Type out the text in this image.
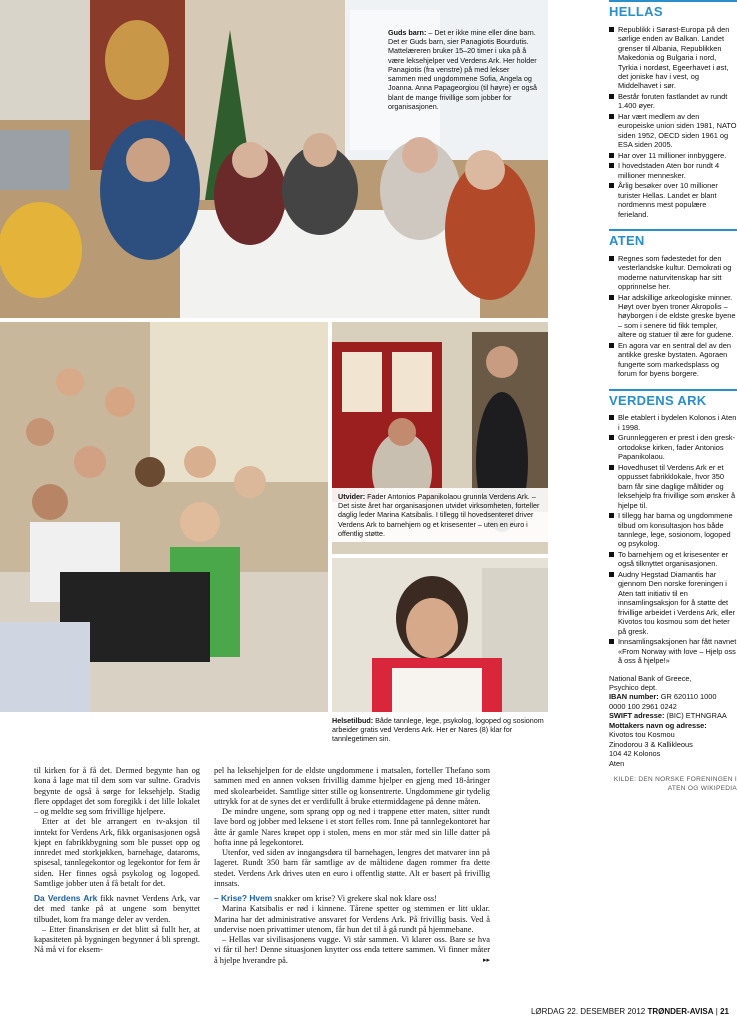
Guds barn: – Det er ikke mine eller dine barn. Det er Guds barn, sier Panagiotis Bourdutis. Mattelæreren bruker 15–20 timer i uka på å være leksehjelper ved Verdens Ark. Her holder Panagiotis (fra venstre) på med lekser sammen med ungdommene Sofia, Angela og Joanna. Anna Papageorgiou (til høyre) er også blant de mange frivillige som jobber for organisasjonen.
Utvider: Fader Antonios Papanikolaou grunnla Verdens Ark. – Det siste året har organisasjonen utvidet virksomheten, forteller daglig leder Marina Katsibalis. I tillegg til hovedsenteret driver Verdens Ark to barnehjem og et krisesenter – uten en euro i offentlig støtte.
Helsetilbud: Både tannlege, lege, psykolog, logoped og sosionom arbeider gratis ved Verdens Ark. Her er Nares (8) klar for tannlegetimen sin.

til kirken for å få det. Dermed begynte han og kona å lage mat til dem som var sultne. Gradvis begynte de også å sørge for leksehjelp. Stadig flere oppdaget det som foregikk i det lille lokalet – og meldte seg som frivillige hjelpere.

Etter at det ble arrangert en tv-aksjon til inntekt for Verdens Ark, fikk organisasjonen også kjøpt en fabrikkbygning som ble pusset opp og innredet med storkjøkken, barnehage, dataroms, spisesal, tannlegekontor og legekontor for fem år siden. Her finnes også psykolog og logoped. Samtlige jobber uten å få betalt for det.

Da Verdens Ark fikk navnet Verdens Ark, var det med tanke på at ungene som benyttet tilbudet, kom fra mange deler av verden.

– Etter finanskrisen er det blitt så fullt her, at kapasiteten på bygningen begynner å bli sprengt. Nå må vi for eksem-

pel ha leksehjelpen for de eldste ungdommene i matsalen, forteller Thefano som sammen med en annen voksen frivillig damme hjelper en gjeng med 18-åringer med skolearbeidet. Samtlige sitter stille og konsentrerte. Ungdommene gir tydelig uttrykk for at de synes det er verdifullt å bruke ettermiddagene på denne måten.

De mindre ungene, som sprang opp og ned i trappene etter maten, sitter rundt lave bord og jobber med leksene i et stort felles rom. Inne på tannlegekontoret har åtte år gamle Nares krøpet opp i stolen, mens en mor står med sin lille datter på hofta inne på legekontoret.

Utenfor, ved siden av inngangsdøra til barnehagen, lengres det matvarer inn på lageret. Rundt 350 barn får samtlige av de måltidene dagen rommer fra dette stedet. Verdens Ark drives uten en euro i offentlig støtte. Alt er basert på frivillig innsats.

– Krise? Hvem snakker om krise? Vi grekere skal nok klare oss!

Marina Katsibalis er rød i kinnene. Tårene spetter og stemmen er litt uklar. Marina har det administrative ansvaret for Verdens Ark. På frivillig basis. Ved å undervise noen privattimer utenom, får hun det til å gå rundt på hjemmebane.

– Hellas var sivilisasjonens vugge. Vi står sammen. Vi klarer oss. Bare se hva vi får til her! Denne situasjonen knytter oss enda tettere sammen. Vi finner måter å hjelpe hverandre på.	▸▸

HELLAS
Republikk i Sørøst-Europa på den sørlige enden av Balkan. Landet grenser til Albania, Republikken Makedonia og Bulgaria i nord, Tyrkia i nordøst, Egeerhavet i øst, det joniske hav i vest, og Middelhavet i sør.
Består foruten fastlandet av rundt 1.400 øyer.
Har vært medlem av den europeiske union siden 1981, NATO siden 1952, OECD siden 1961 og ESA siden 2005.
Har over 11 millioner innbyggere.
I hovedstaden Aten bor rundt 4 millioner mennesker.
Årlig besøker over 10 millioner turister Hellas. Landet er blant nordmenns mest populære ferieland.
ATEN
Regnes som fødestedet for den vesterlandske kultur. Demokrati og moderne naturvitenskap har sitt opprinnelse her.
Har adskillige arkeologiske minner. Høyt over byen troner Akropolis – høyborgen i de eldste greske byene – som i senere tid fikk templer, altere og statuer til ære for gudene.
En agora var en sentral del av den antikke greske bystaten. Agoraen fungerte som markedsplass og forum for byens borgere.
VERDENS ARK
Ble etablert i bydelen Kolonos i Aten i 1998.
Grunnleggeren er prest i den gresk-ortodokse kirken, fader Antonios Papanikolaou.
Hovedhuset til Verdens Ark er et oppusset fabrikklokale, hvor 350 barn får sine daglige måltider og leksehjelp fra frivillige som ønsker å hjelpe til.
I tillegg har barna og ungdommene tilbud om konsultasjon hos både tannlege, lege, sosionom, logoped og psykolog.
To barnehjem og et krisesenter er også tilknyttet organisasjonen.
Audny Hegstad Diamantis har gjennom Den norske foreningen i Aten tatt initiativ til en innsamlingsaksjon for å støtte det frivillige arbeidet i Verdens Ark, eller Kivotos tou kosmou som det heter på gresk.
Innsamlingsaksjonen har fått navnet «From Norway with love – Hjelp oss å oss å hjelpe!»
National Bank of Greece,
Psychico dept.
IBAN number: GR 620110 1000
0000 100 2961 0242
SWIFT adresse: (BIC) ETHNGRAA
Mottakers navn og adresse:
Kivotos tou Kosmou
Zinodorou 3 & Kallikleous
104 42 Kolonos
Aten
KILDE: DEN NORSKE FORENINGEN I ATEN OG WIKIPEDIA
LØRDAG 22. DESEMBER 2012 TRØNDER-AVISA | 21
